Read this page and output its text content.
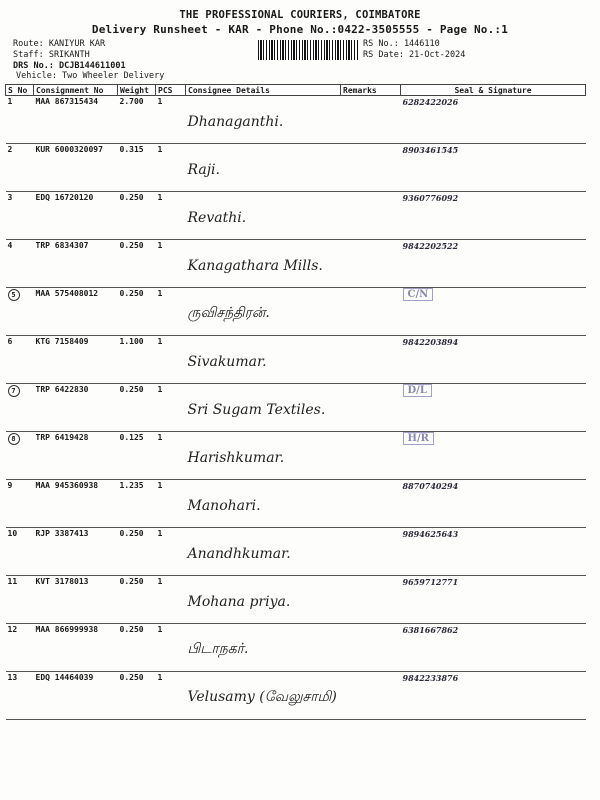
THE PROFESSIONAL COURIERS, COIMBATORE
Delivery Runsheet - KAR - Phone No.:0422-3505555 - Page No.:1
Route: KANIYUR KAR
Staff: SRIKANTH
DRS No.: DCJB144611001
Vehicle: Two Wheeler Delivery
RS No.: 1446110
RS Date: 21-Oct-2024
S No	Consignment No	Weight	PCS	Consignee Details	Remarks	Seal & Signature
1	MAA 867315434	2.700	1	Dhanaganthi.		6282422026
2	KUR 6000320097	0.315	1	Raji.		8903461545
3	EDQ 16720120	0.250	1	Revathi.		9360776092
4	TRP 6834307	0.250	1	Kanagathara Mills.		9842202522
5	MAA 575408012	0.250	1	ருவிசந்திரன்.		C/N
6	KTG 7158409	1.100	1	Sivakumar.		9842203894
7	TRP 6422830	0.250	1	Sri Sugam Textiles.		D/L
8	TRP 6419428	0.125	1	Harishkumar.		H/R
9	MAA 945360938	1.235	1	Manohari.		8870740294
10	RJP 3387413	0.250	1	Anandhkumar.		9894625643
11	KVT 3178013	0.250	1	Mohana priya.		9659712771
12	MAA 866999938	0.250	1	பிடாநகர்.		6381667862
13	EDQ 14464039	0.250	1	Velusamy (வேலுசாமி)		9842233876
